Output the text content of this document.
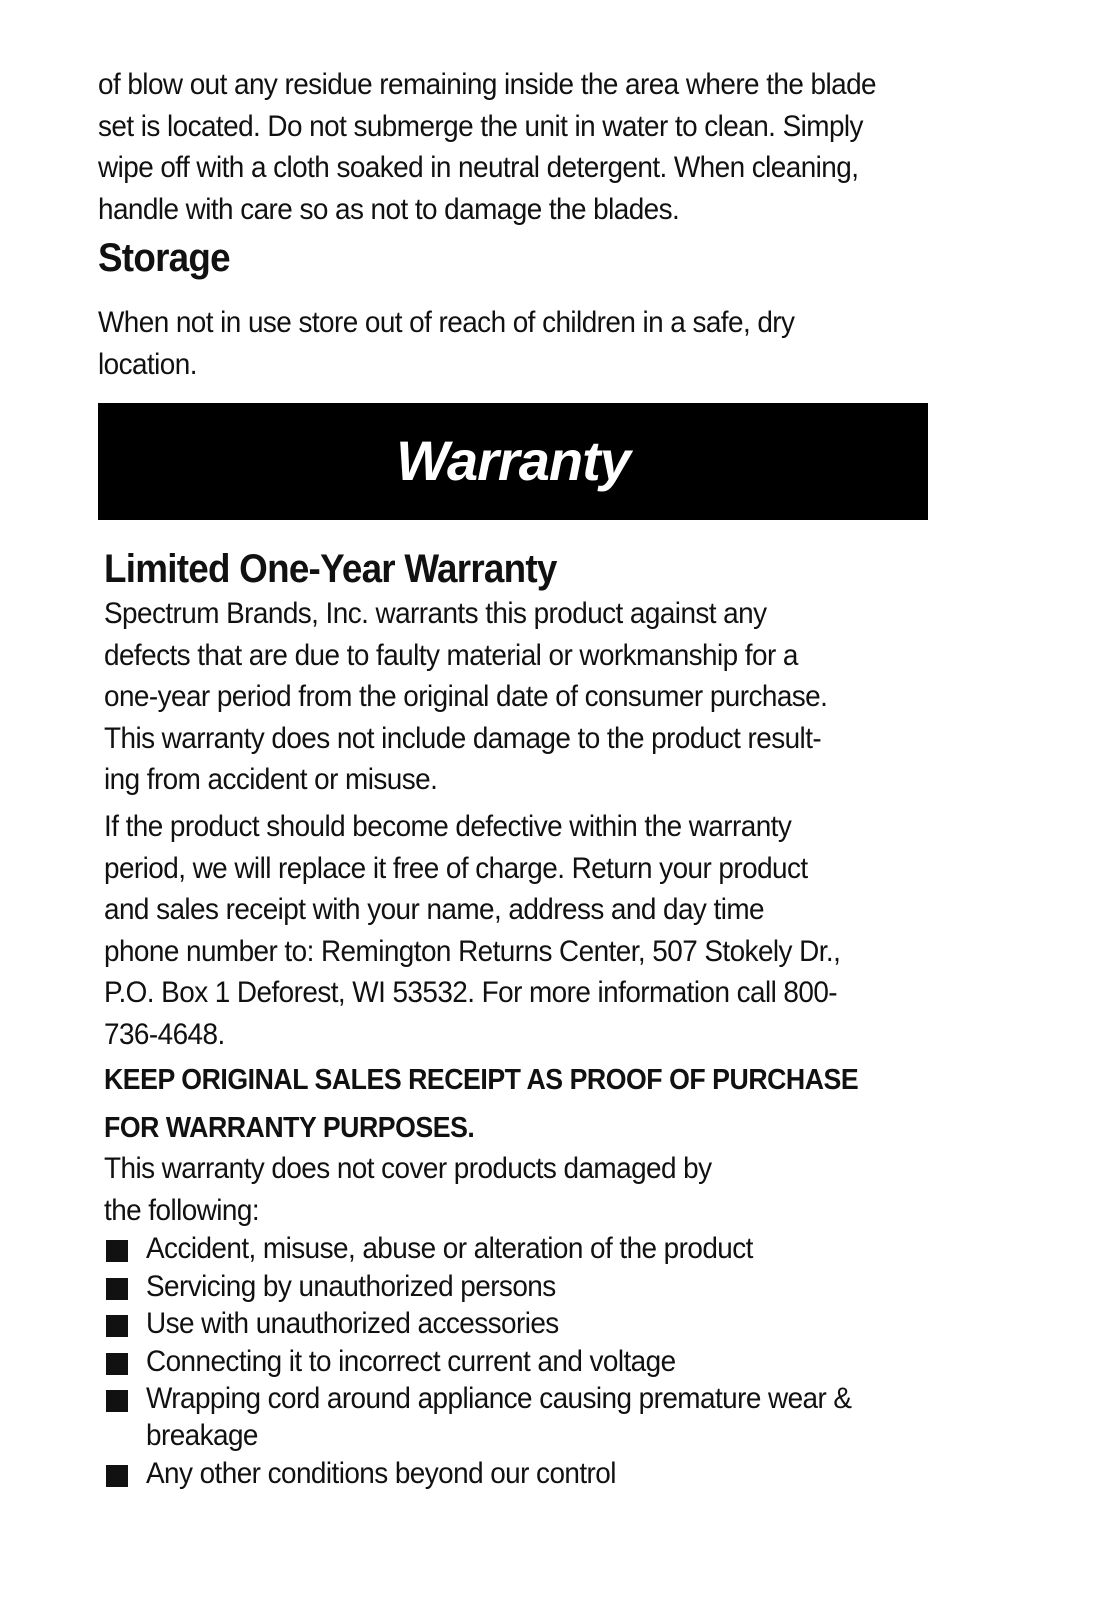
of blow out any residue remaining inside the area where the blade
set is located. Do not submerge the unit in water to clean. Simply
wipe off with a cloth soaked in neutral detergent. When cleaning,
handle with care so as not to damage the blades.

Storage

When not in use store out of reach of children in a safe, dry
location.

Warranty
Limited One-Year Warranty

Spectrum Brands, Inc. warrants this product against any
defects that are due to faulty material or workmanship for a
one-year period from the original date of consumer purchase.
This warranty does not include damage to the product result-
ing from accident or misuse.

If the product should become defective within the warranty
period, we will replace it free of charge. Return your product
and sales receipt with your name, address and day time
phone number to: Remington Returns Center, 507 Stokely Dr.,
P.O. Box 1 Deforest, WI 53532. For more information call 800-
736-4648.

KEEP ORIGINAL SALES RECEIPT AS PROOF OF PURCHASE
FOR WARRANTY PURPOSES.

This warranty does not cover products damaged by
the following:

Accident, misuse, abuse or alteration of the product
Servicing by unauthorized persons
Use with unauthorized accessories
Connecting it to incorrect current and voltage
Wrapping cord around appliance causing premature wear &
breakage
Any other conditions beyond our control
